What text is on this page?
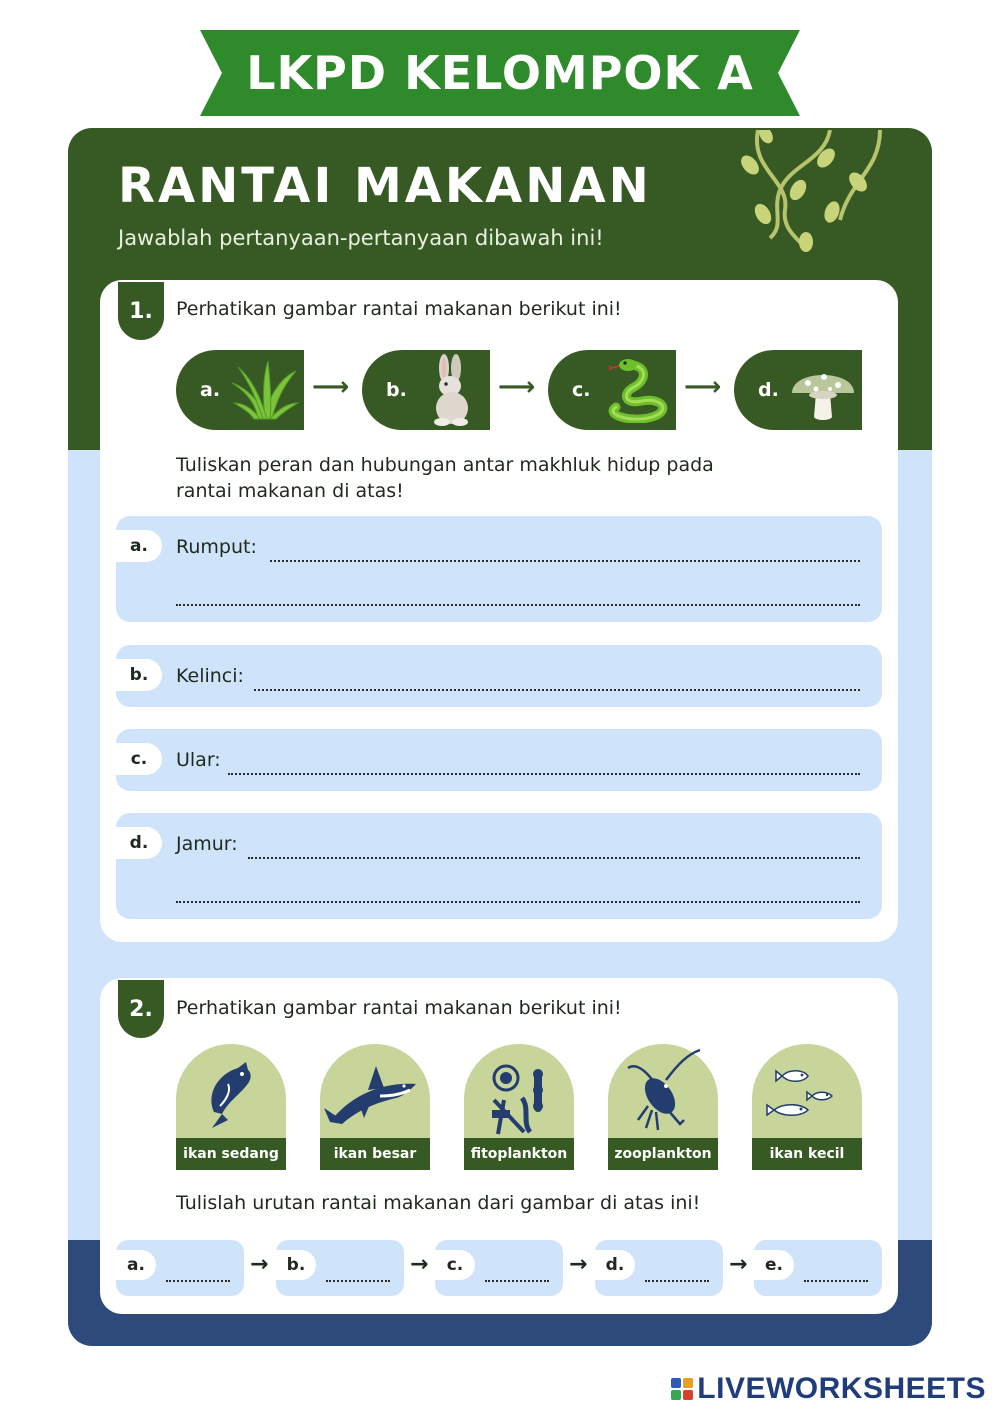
LKPD KELOMPOK A
RANTAI MAKANAN
Jawablah pertanyaan-pertanyaan dibawah ini!
1.	Perhatikan gambar rantai makanan berikut ini!
a.	⟶ b.	⟶ c.	⟶ d.
Tuliskan peran dan hubungan antar makhluk hidup pada
rantai makanan di atas!
a.	Rumput:
b.	Kelinci:
c.	Ular:
d.	Jamur:
2.	Perhatikan gambar rantai makanan berikut ini!
ikan sedang	ikan besar	fitoplankton	zooplankton	ikan kecil
Tulislah urutan rantai makanan dari gambar di atas ini!
a.	→	b.	→	c.	→	d.	→	e.
LIVEWORKSHEETS
